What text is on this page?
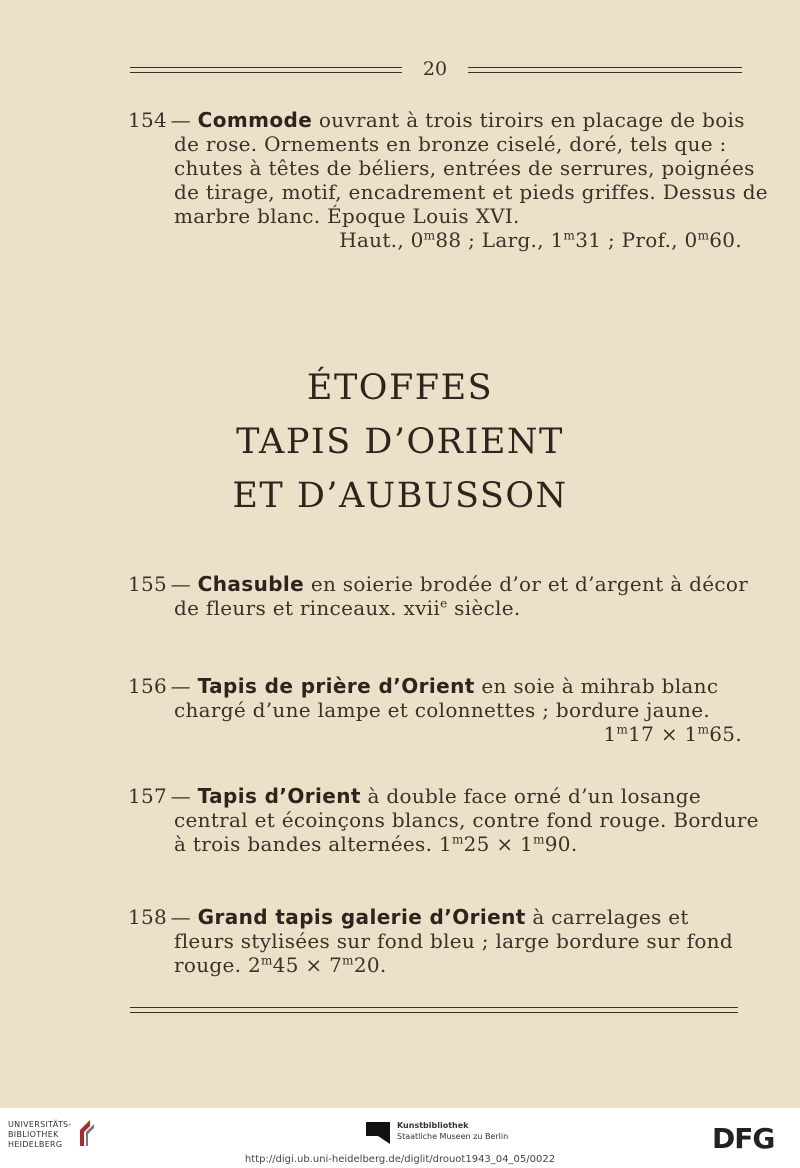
20
154 — Commode ouvrant à trois tiroirs en placage de bois
de rose. Ornements en bronze ciselé, doré, tels que :
chutes à têtes de béliers, entrées de serrures, poignées
de tirage, motif, encadrement et pieds griffes. Dessus de
marbre blanc. Époque Louis XVI.
Haut., 0$^m$88 ; Larg., 1$^m$31 ; Prof., 0$^m$60.
ÉTOFFES
TAPIS D’ORIENT
ET D’AUBUSSON
155 — Chasuble en soierie brodée d’or et d’argent à décor
de fleurs et rinceaux. xvii$^e$ siècle.
156 — Tapis de prière d’Orient en soie à mihrab blanc
chargé d’une lampe et colonnettes ; bordure jaune.
$1^m17 \times 1^m65$.
157 — Tapis d’Orient à double face orné d’un losange
central et écoinçons blancs, contre fond rouge. Bordure
à trois bandes alternées. $1^m25 \times 1^m90$.
158 — Grand tapis galerie d’Orient à carrelages et
fleurs stylisées sur fond bleu ; large bordure sur fond
rouge. $2^m45 \times 7^m20$.
UNIVERSITÄTS-
BIBLIOTHEK
HEIDELBERG
Kunstbibliothek
Staatliche Museen zu Berlin	DFG
http://digi.ub.uni-heidelberg.de/diglit/drouot1943_04_05/0022
